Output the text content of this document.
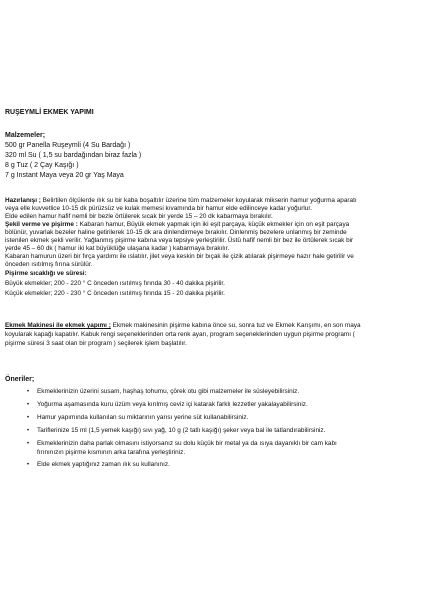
RUŞEYMLİ EKMEK YAPIMI
Malzemeler;
500 gr Panella Ruşeymli (4 Su Bardağı )
320 ml Su ( 1,5 su bardağından biraz fazla )
8 g Tuz ( 2 Çay Kaşığı )
7 g Instant Maya veya 20 gr Yaş Maya
Hazırlanışı ; Belirtilen ölçülerde ılık su bir kaba boşaltılır üzerine tüm malzemeler koyularak mikserin hamur yoğurma aparatı
veya elle kuvvetlice 10-15 dk pürüzsüz ve kulak memesi kıvamında bir hamur elde edilinceye kadar yoğurlur.
Elde edilen hamur hafif nemli bir bezle örtülerek sıcak bir yerde 15 – 20 dk kabarmaya bırakılır.
Şekil verme ve pişirme : Kabaran hamur, Büyük ekmek yapmak için iki eşit parçaya, küçük ekmekler için on eşit parçaya
bölünür, yuvarlak bezeler haline getirilerek 10-15 dk ara dinlendirmeye bırakılır. Dinlenmiş bezelere unlanmış bir zeminde
istenilen ekmek şekli verilir. Yağlanmış pişirme kabına veya tepsiye yerleştirilir. Üstü hafif nemli bir bez ile örtülerek sıcak bir
yerde 45 – 60 dk ( hamur iki kat büyüklüğe ulaşana kadar ) kabarmaya bırakılır.
Kabaran hamurun üzeri bir fırça yardımı ile ıslatılır, jilet veya keskin bir bıçak ile çizik atılarak pişirmeye hazır hale getirilir ve
önceden ısıtılmış fırına sürülür.
Pişirme sıcaklığı ve süresi:
Büyük ekmekler; 200 - 220 ° C önceden ısıtılmış fırında 30 - 40 dakika pişirilir.
Küçük ekmekler; 220 - 230 ° C önceden ısıtılmış fırında 15 - 20 dakika pişirilir.
Ekmek Makinesi ile ekmek yapımı ; Ekmek makinesinin pişirme kabına önce su, sonra tuz ve Ekmek Karışımı, en son maya
koyularak kapağı kapatılır. Kabuk rengi seçeneklerinden orta renk ayarı, program seçeneklerinden uygun pişirme programı (
pişirme süresi 3 saat olan bir program ) seçilerek işlem başlatılır.
Öneriler;
• Ekmeklerinizin üzerini susam, haşhaş tohumu, çörek otu gibi malzemeler ile süsleyebilirsiniz.
• Yoğurma aşamasında kuru üzüm veya kırılmış ceviz içi katarak farklı lezzetler yakalayabilirsiniz.
• Hamur yapımında kullanılan su miktarının yarısı yerine süt kullanabilirsiniz.
• Tariflerinize 15 ml (1,5 yemek kaşığı) sıvı yağ, 10 g (2 tatlı kaşığı) şeker veya bal ile tatlandırabilirsiniz.
• Ekmeklerinizin daha parlak olmasını istiyorsanız su dolu küçük bir metal ya da ısıya dayanıklı bir cam kabı
fırınınızın pişirme kısmının arka tarafına yerleştiriniz.
• Elde ekmek yaptığınız zaman ılık su kullanınız.
